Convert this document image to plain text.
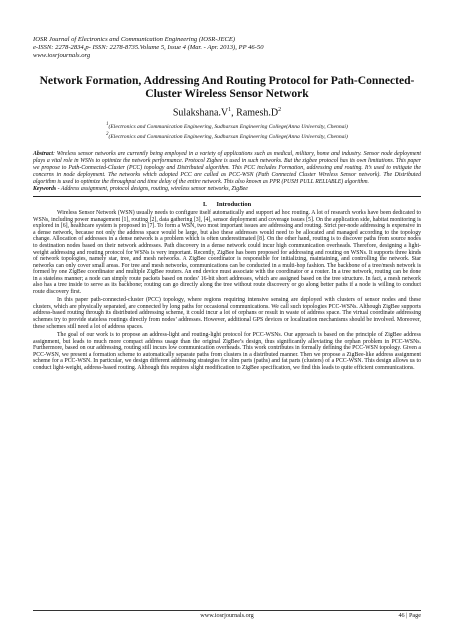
IOSR Journal of Electronics and Communication Engineering (IOSR-JECE)
e-ISSN: 2278-2834,p- ISSN: 2278-8735.Volume 5, Issue 4 (Mar. - Apr. 2013), PP 46-50
www.iosrjournals.org
Network Formation, Addressing And Routing Protocol for Path-Connected-Cluster Wireless Sensor Network
$Sulakshana.V^1$, $Ramesh.D^2$
$^1$(Electronics and Communication Engineering, Sudharsan Engineering College(Anna University, Chennai)
$^2$(Electronics and Communication Engineering, Sudharsan Engineering College(Anna University, Chennai)
Abstract: Wireless sensor networks are currently being employed in a variety of applications such as medical, military, home and industry. Sensor node deployment plays a vital role in WSNs to optimize the network performance. Protocol Zigbee is used in such networks. But the zigbee protocol has its own limitations. This paper we propose to Path-Connected-Cluster (PCC) topology and Distributed algorithm. This PCC includes Formation, addressing and routing. It’s used to mitigate the concerns in node deployment. The networks which adopted PCC are called as PCC-WSN (Path Connected Cluster Wireless Sensor network). The Distributed algorithm is used to optimize the throughput and time delay of the entire network. This also known as PPR (PUSH PULL RELIABLE) algorithm.
Keywords - Address assignment, protocol designs, routing, wireless sensor networks, ZigBee
I.      Introduction

Wireless Sensor Network (WSN) usually needs to configure itself automatically and support ad hoc routing. A lot of research works have been dedicated to WSNs, including power management [1], routing [2], data gathering [3], [4], sensor deployment and coverage issues [5]. On the application side, habitat monitoring is explored in [6], healthcare system is proposed in [7]. To form a WSN, two most important issues are addressing and routing. Strict per-node addressing is expensive in a dense network, because not only the address space would be large, but also these addresses would need to be allocated and managed according to the topology change. Allocation of addresses in a dense network is a problem which is often underestimated [8]. On the other hand, routing is to discover paths from source nodes to destination nodes based on their network addresses. Path discovery in a dense network could incur high communication overheads. Therefore, designing a light-weight addressing and routing protocol for WSNs is very important. Recently, ZigBee has been proposed for addressing and routing on WSNs. It supports three kinds of network topologies, namely star, tree, and mesh networks. A ZigBee coordinator is responsible for initializing, maintaining, and controlling the network. Star networks can only cover small areas. For tree and mesh networks, communications can be conducted in a multi-hop fashion. The backbone of a tree/mesh network is formed by one ZigBee coordinator and multiple ZigBee routers. An end device must associate with the coordinator or a router. In a tree network, routing can be done in a stateless manner; a node can simply route packets based on nodes’ 16-bit short addresses, which are assigned based on the tree structure. In fact, a mesh network also has a tree inside to serve as its backbone; routing can go directly along the tree without route discovery or go along better paths if a node is willing to conduct route discovery first.

In this paper path-connected-cluster (PCC) topology, where regions requiring intensive sensing are deployed with clusters of sensor nodes and these clusters, which are physically separated, are connected by long paths for occasional communications. We call such topologies PCC-WSNs. Although ZigBee supports address-based routing through its distributed addressing scheme, it could incur a lot of orphans or result in waste of address space. The virtual coordinate addressing schemes try to provide stateless routings directly from nodes’ addresses. However, additional GPS devices or localization mechanisms should be involved. Moreover, these schemes still need a lot of address spaces.

The goal of our work is to propose an address-light and routing-light protocol for PCC-WSNs. Our approach is based on the principle of ZigBee address assignment, but leads to much more compact address usage than the original ZigBee’s design, thus significantly alleviating the orphan problem in PCC-WSNs. Furthermore, based on our addressing, routing still incurs low communication overheads. This work contributes in formally defining the PCC-WSN topology. Given a PCC-WSN, we present a formation scheme to automatically separate paths from clusters in a distributed manner. Then we propose a ZigBee-like address assignment scheme for a PCC-WSN. In particular, we design different addressing strategies for slim parts (paths) and fat parts (clusters) of a PCC-WSN. This design allows us to conduct light-weight, address-based routing. Although this requires slight modification to ZigBee specification, we find this leads to quite efficient communications.

www.iosrjournals.org	46 | Page
